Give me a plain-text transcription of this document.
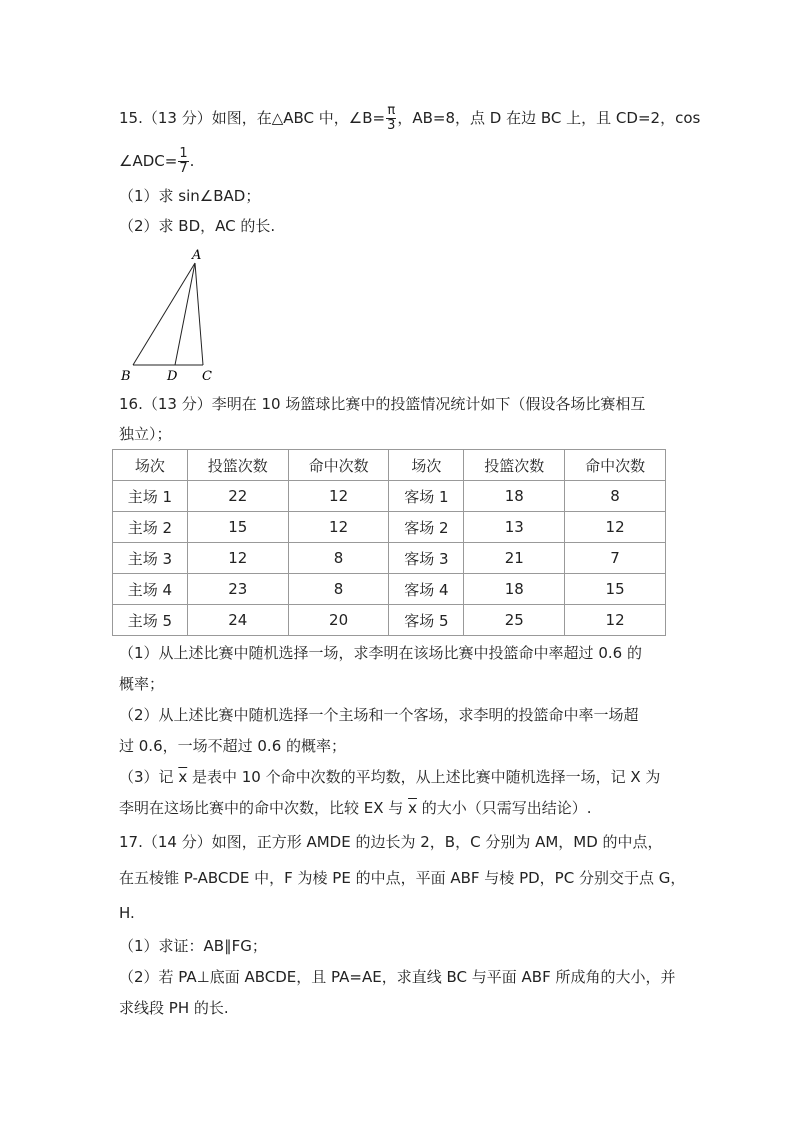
15.（13 分）如图，在△ABC 中，∠B= $\frac{\pi}{3}$ ，AB=8，点 D 在边 BC 上，且 CD=2，cos
∠ADC= $\frac{1}{7}$ .
（1）求 sin∠BAD；
（2）求 BD，AC 的长.
A
B	D C
16.（13 分）李明在 10 场篮球比赛中的投篮情况统计如下（假设各场比赛相互
独立）；
场次	投篮次数	命中次数	场次	投篮次数	命中次数
主场 1	22	12	客场 1	18	8
主场 2	15	12	客场 2	13	12
主场 3	12	8	客场 3	21	7
主场 4	23	8	客场 4	18	15
主场 5	24	20	客场 5	25	12
（1）从上述比赛中随机选择一场，求李明在该场比赛中投篮命中率超过 0.6 的
概率；
（2）从上述比赛中随机选择一个主场和一个客场，求李明的投篮命中率一场超
过 0.6，一场不超过 0.6 的概率；
（3）记 $\overline{x}$ 是表中 10 个命中次数的平均数，从上述比赛中随机选择一场，记 X 为
李明在这场比赛中的命中次数，比较 EX 与 $\overline{x}$ 的大小（只需写出结论）.
17.（14 分）如图，正方形 AMDE 的边长为 2，B，C 分别为 AM，MD 的中点，
在五棱锥 P-ABCDE 中，F 为棱 PE 的中点，平面 ABF 与棱 PD，PC 分别交于点 G，
H.
（1）求证：AB∥FG；
（2）若 PA⊥底面 ABCDE，且 PA=AE，求直线 BC 与平面 ABF 所成角的大小，并
求线段 PH 的长.
